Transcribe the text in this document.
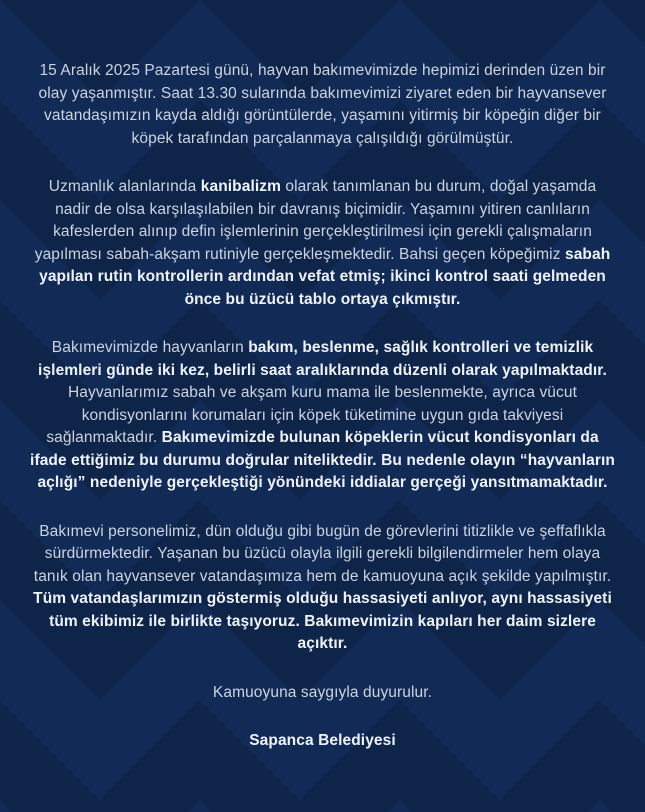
15 Aralık 2025 Pazartesi günü, hayvan bakımevimizde hepimizi derinden üzen bir olay yaşanmıştır. Saat 13.30 sularında bakımevimizi ziyaret eden bir hayvansever vatandaşımızın kayda aldığı görüntülerde, yaşamını yitirmiş bir köpeğin diğer bir köpek tarafından parçalanmaya çalışıldığı görülmüştür.

Uzmanlık alanlarında kanibalizm olarak tanımlanan bu durum, doğal yaşamda nadir de olsa karşılaşılabilen bir davranış biçimidir. Yaşamını yitiren canlıların kafeslerden alınıp defin işlemlerinin gerçekleştirilmesi için gerekli çalışmaların yapılması sabah-akşam rutiniyle gerçekleşmektedir. Bahsi geçen köpeğimiz sabah yapılan rutin kontrollerin ardından vefat etmiş; ikinci kontrol saati gelmeden önce bu üzücü tablo ortaya çıkmıştır.

Bakımevimizde hayvanların bakım, beslenme, sağlık kontrolleri ve temizlik işlemleri günde iki kez, belirli saat aralıklarında düzenli olarak yapılmaktadır. Hayvanlarımız sabah ve akşam kuru mama ile beslenmekte, ayrıca vücut kondisyonlarını korumaları için köpek tüketimine uygun gıda takviyesi sağlanmaktadır. Bakımevimizde bulunan köpeklerin vücut kondisyonları da ifade ettiğimiz bu durumu doğrular niteliktedir. Bu nedenle olayın “hayvanların açlığı” nedeniyle gerçekleştiği yönündeki iddialar gerçeği yansıtmamaktadır.

Bakımevi personelimiz, dün olduğu gibi bugün de görevlerini titizlikle ve şeffaflıkla sürdürmektedir. Yaşanan bu üzücü olayla ilgili gerekli bilgilendirmeler hem olaya tanık olan hayvansever vatandaşımıza hem de kamuoyuna açık şekilde yapılmıştır. Tüm vatandaşlarımızın göstermiş olduğu hassasiyeti anlıyor, aynı hassasiyeti tüm ekibimiz ile birlikte taşıyoruz. Bakımevimizin kapıları her daim sizlere açıktır.

Kamuoyuna saygıyla duyurulur.

Sapanca Belediyesi
